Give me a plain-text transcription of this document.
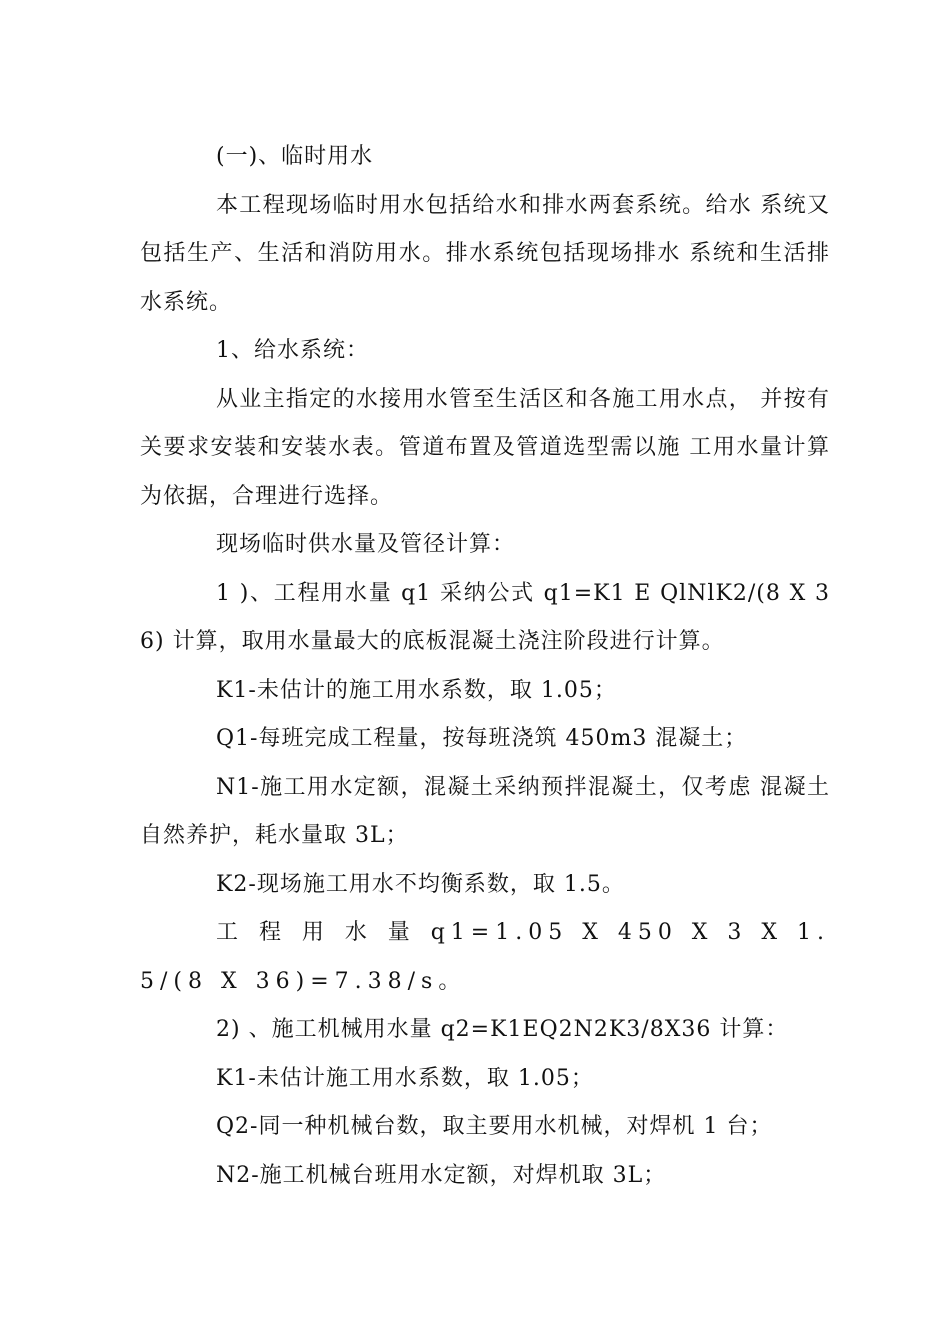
(一)、临时用水

本工程现场临时用水包括给水和排水两套系统。给水 系统又包括生产、生活和消防用水。排水系统包括现场排水 系统和生活排水系统。

1、给水系统：

从业主指定的水接用水管至生活区和各施工用水点， 并按有关要求安装和安装水表。管道布置及管道选型需以施 工用水量计算为依据，合理进行选择。

现场临时供水量及管径计算：

1 )、工程用水量 q1 采纳公式 q1=K1 E QlNlK2/(8 X 36) 计算，取用水量最大的底板混凝土浇注阶段进行计算。

K1-未估计的施工用水系数，取 1.05；

Q1-每班完成工程量，按每班浇筑 450m3 混凝土；

N1-施工用水定额，混凝土采纳预拌混凝土，仅考虑 混凝土自然养护，耗水量取 3L；

K2-现场施工用水不均衡系数，取 1.5。

工 程 用 水 量 q1=1.05 X 450 X 3 X 1.5/(8 X 36)=7.38/s。

2) 、施工机械用水量 q2=K1EQ2N2K3/8X36 计算：

K1-未估计施工用水系数，取 1.05；

Q2-同一种机械台数，取主要用水机械，对焊机 1 台；

N2-施工机械台班用水定额，对焊机取 3L；
